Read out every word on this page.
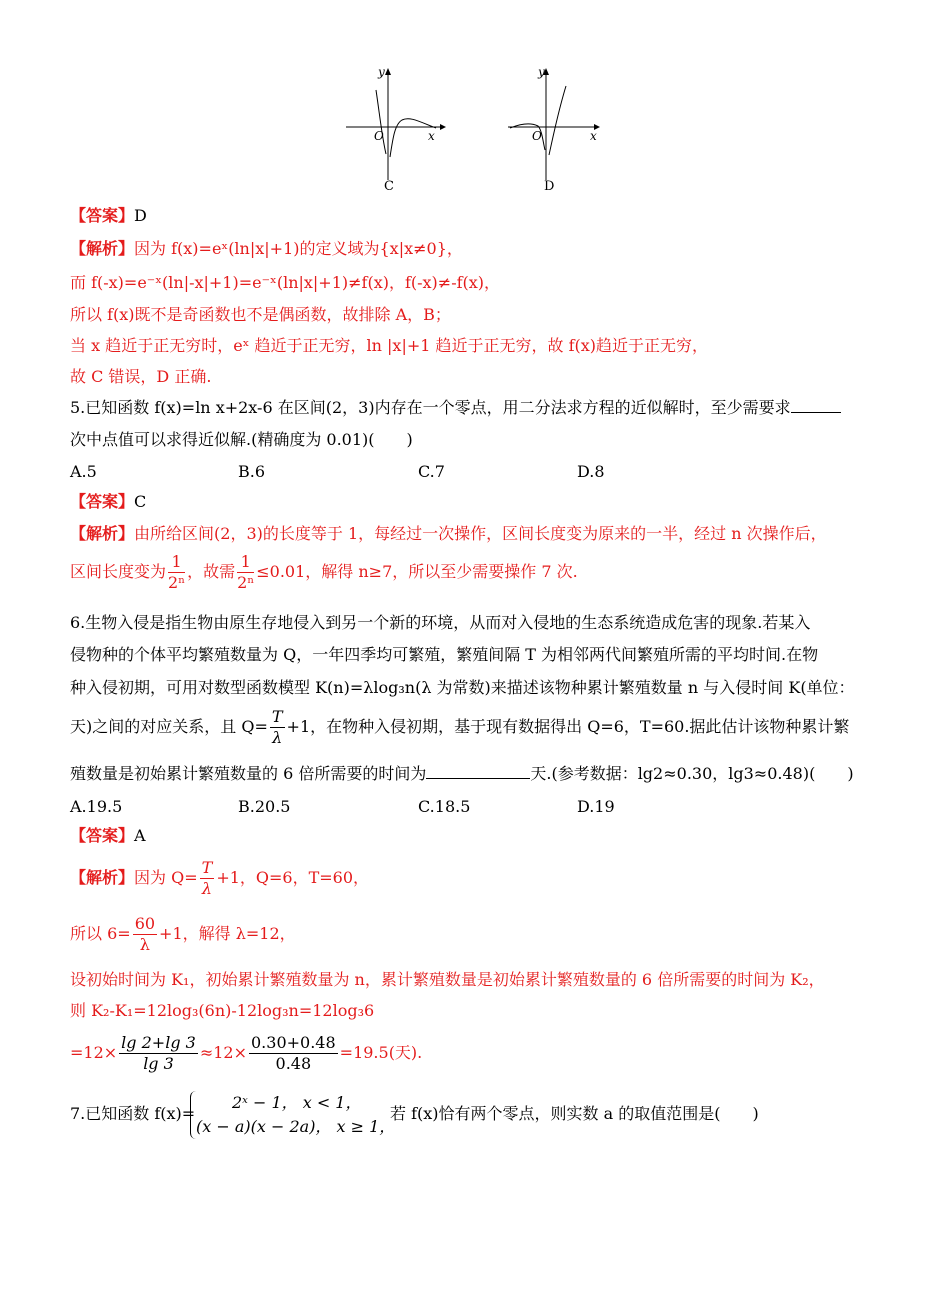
y
x
O
C
y
x
O
D
【答案】D
【解析】因为 f(x)=eˣ(ln|x|+1)的定义域为{x|x≠0}，
而 f(-x)=e⁻ˣ(ln|-x|+1)=e⁻ˣ(ln|x|+1)≠f(x)，f(-x)≠-f(x)，
所以 f(x)既不是奇函数也不是偶函数，故排除 A，B；
当 x 趋近于正无穷时，eˣ 趋近于正无穷，ln |x|+1 趋近于正无穷，故 f(x)趋近于正无穷，
故 C 错误，D 正确.
5.已知函数 f(x)=ln x+2x-6 在区间(2，3)内存在一个零点，用二分法求方程的近似解时，至少需要求
次中点值可以求得近似解.(精确度为 0.01)(　　)
A.5	B.6	C.7	D.8
【答案】C
【解析】由所给区间(2，3)的长度等于 1，每经过一次操作，区间长度变为原来的一半，经过 n 次操作后，
区间长度变为 $\frac{1}{\text{2ⁿ}}$ ，故需 $\frac{1}{\text{2ⁿ}} \le 0.01$，解得 n≥7，所以至少需要操作 7 次.
6.生物入侵是指生物由原生存地侵入到另一个新的环境，从而对入侵地的生态系统造成危害的现象.若某入
侵物种的个体平均繁殖数量为 Q，一年四季均可繁殖，繁殖间隔 T 为相邻两代间繁殖所需的平均时间.在物
种入侵初期，可用对数型函数模型 K(n)=λlog₃n(λ 为常数)来描述该物种累计繁殖数量 n 与入侵时间 K(单位：
天)之间的对应关系，且 $Q= \frac{T}{\lambda} +1$，在物种入侵初期，基于现有数据得出 Q=6，T=60.据此估计该物种累计繁
殖数量是初始累计繁殖数量的 6 倍所需要的时间为	天.(参考数据：lg2≈0.30，lg3≈0.48)(　　)
A.19.5	B.20.5	C.18.5	D.19
【答案】A
【解析】因为 $Q= \frac{T}{\lambda} +1$，Q=6，T=60，
所以 $6= \frac{60}{\lambda} +1$，解得 λ=12，
设初始时间为 K₁，初始累计繁殖数量为 n，累计繁殖数量是初始累计繁殖数量的 6 倍所需要的时间为 K₂，
则 K₂-K₁=12log₃(6n)-12log₃n=12log₃6
$=12\times \frac{\lg 2+\lg 3}{\lg 3} \approx 12\times \frac{0.30+0.48}{0.48} =19.5$(天).
7.已知函数 f(x)=
2ˣ − 1， x < 1，
(x − a)(x − 2a)， x ≥ 1，
若 f(x)恰有两个零点，则实数 a 的取值范围是(　　)
